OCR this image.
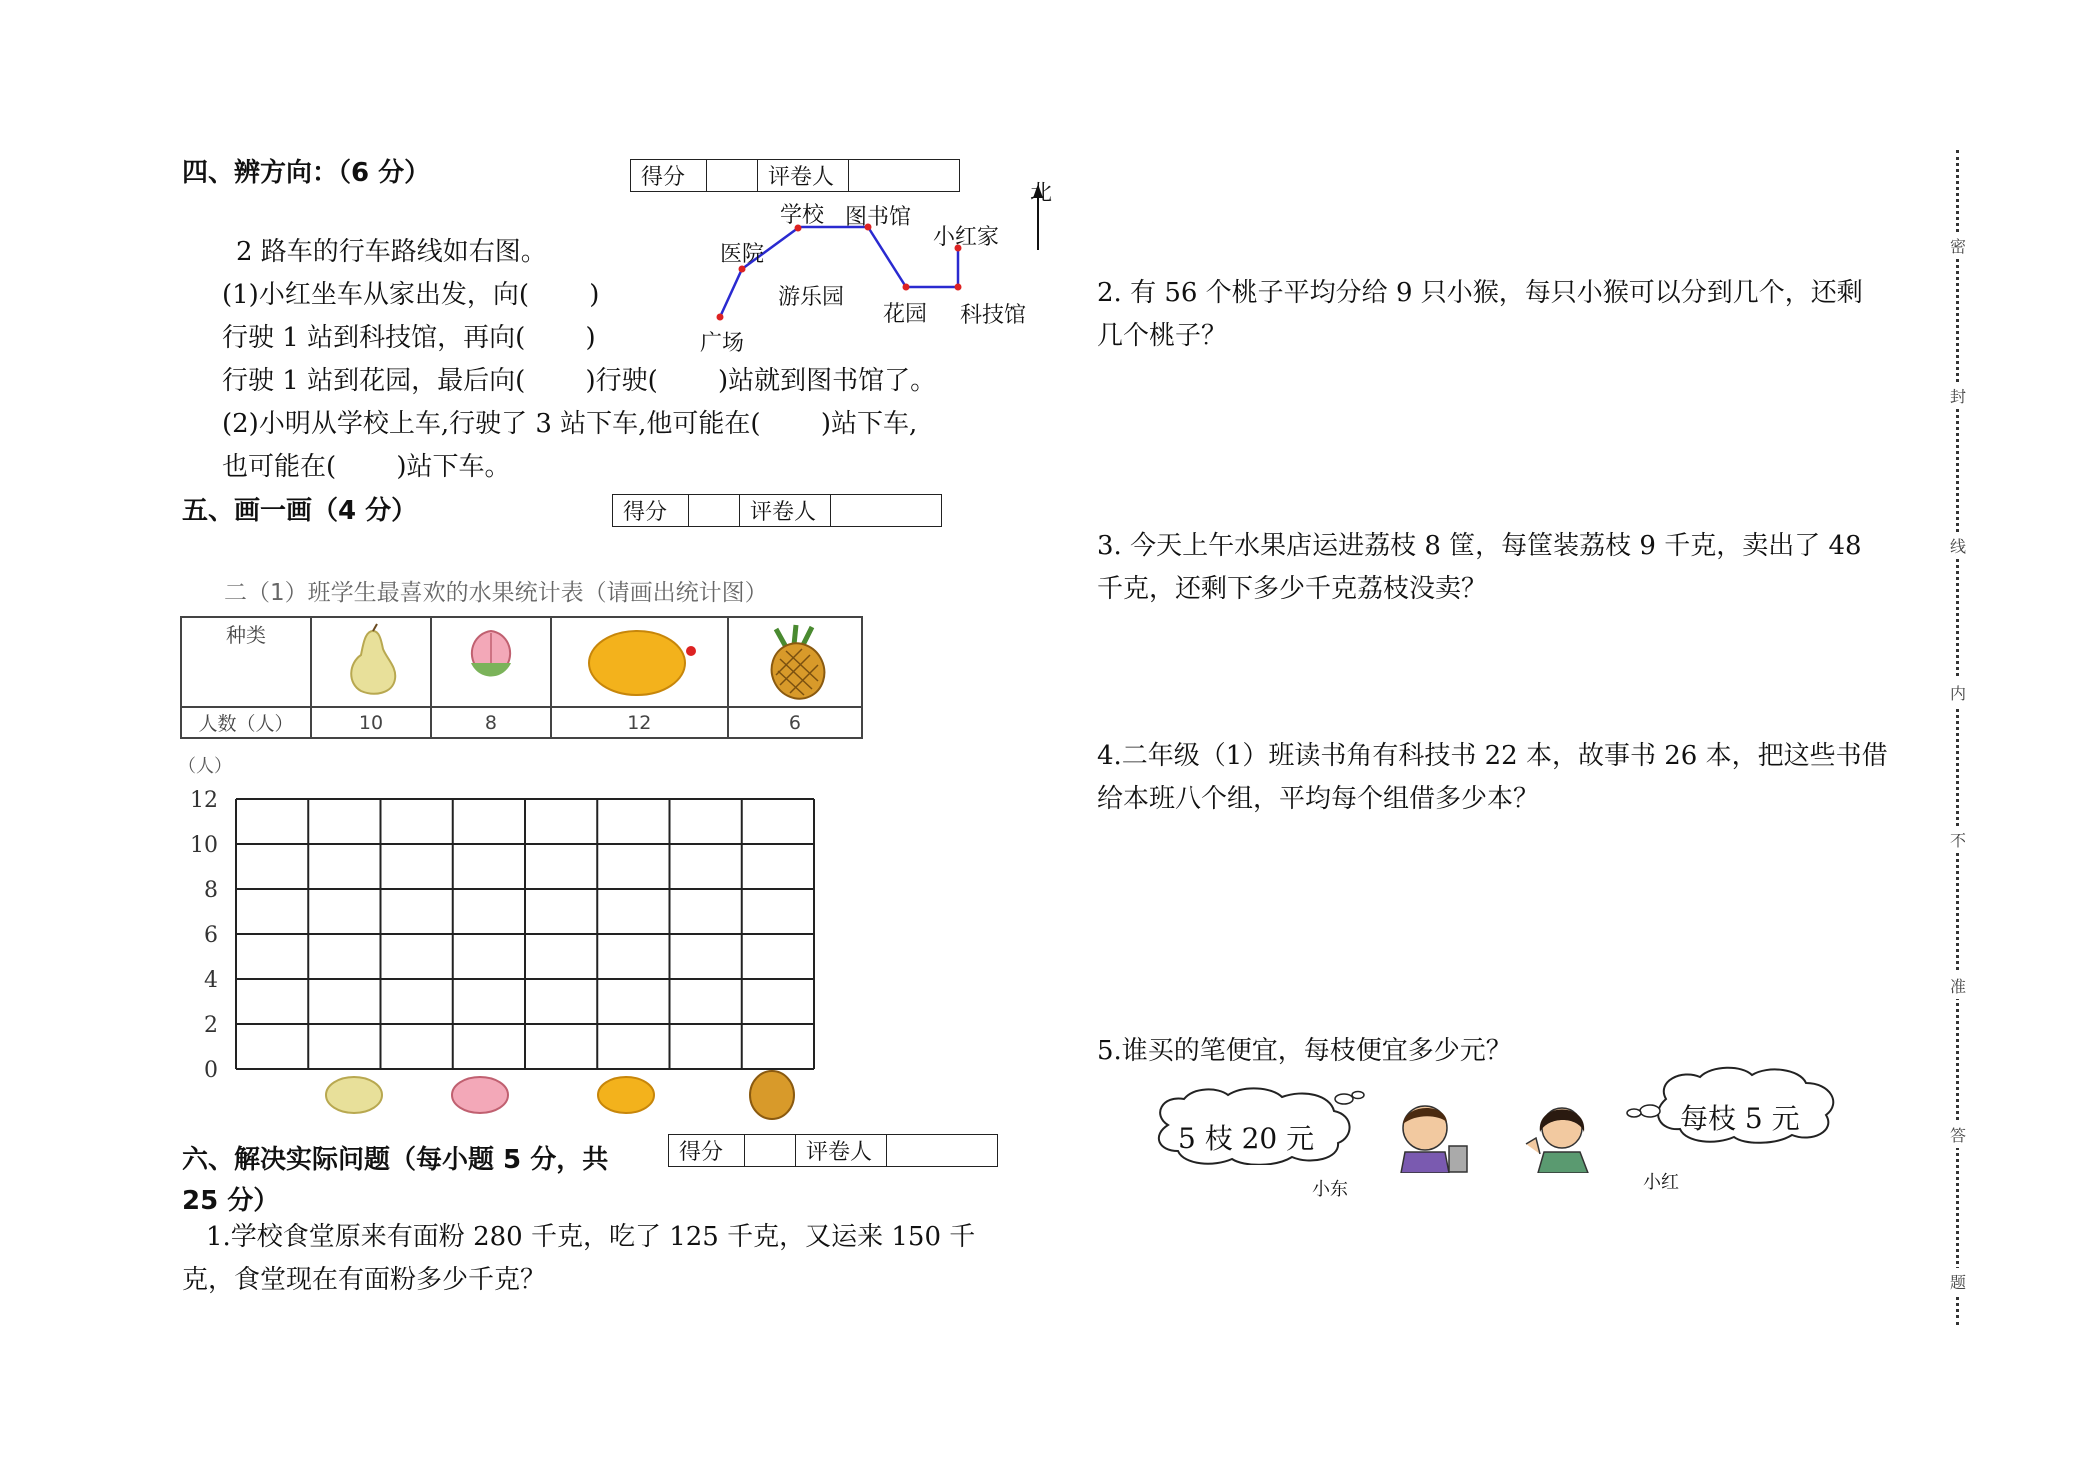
四、辨方向：（6 分）	得分		评卷人	
北
广场
医院
学校
游乐园
图书馆
花园 科技馆
小红家
2 路车的行车路线如右图。
(1)小红坐车从家出发，向(　　 )
行驶 1 站到科技馆，再向(　　 )
行驶 1 站到花园，最后向(　　 )行驶(　　 )站就到图书馆了。
(2)小明从学校上车,行驶了 3 站下车,他可能在(　　 )站下车,
也可能在(　　 )站下车。
五、画一画（4 分）	得分		评卷人	
二（1）班学生最喜欢的水果统计表（请画出统计图）
种类				
人数（人）	10	8	12	6
（人）
12
10
8
6
4
2
0
六、解决实际问题（每小题 5 分，共
25 分）
得分		评卷人	
1.学校食堂原来有面粉 280 千克，吃了 125 千克，又运来 150 千
克，食堂现在有面粉多少千克？
2. 有 56 个桃子平均分给 9 只小猴，每只小猴可以分到几个，还剩
几个桃子？
3. 今天上午水果店运进荔枝 8 筐，每筐装荔枝 9 千克，卖出了 48
千克，还剩下多少千克荔枝没卖？
4.二年级（1）班读书角有科技书 22 本，故事书 26 本，把这些书借
给本班八个组，平均每个组借多少本？
5.谁买的笔便宜，每枝便宜多少元？
5 枝 20 元
每枝 5 元
小东	小红
密
封
线
内
不
准
答
题
